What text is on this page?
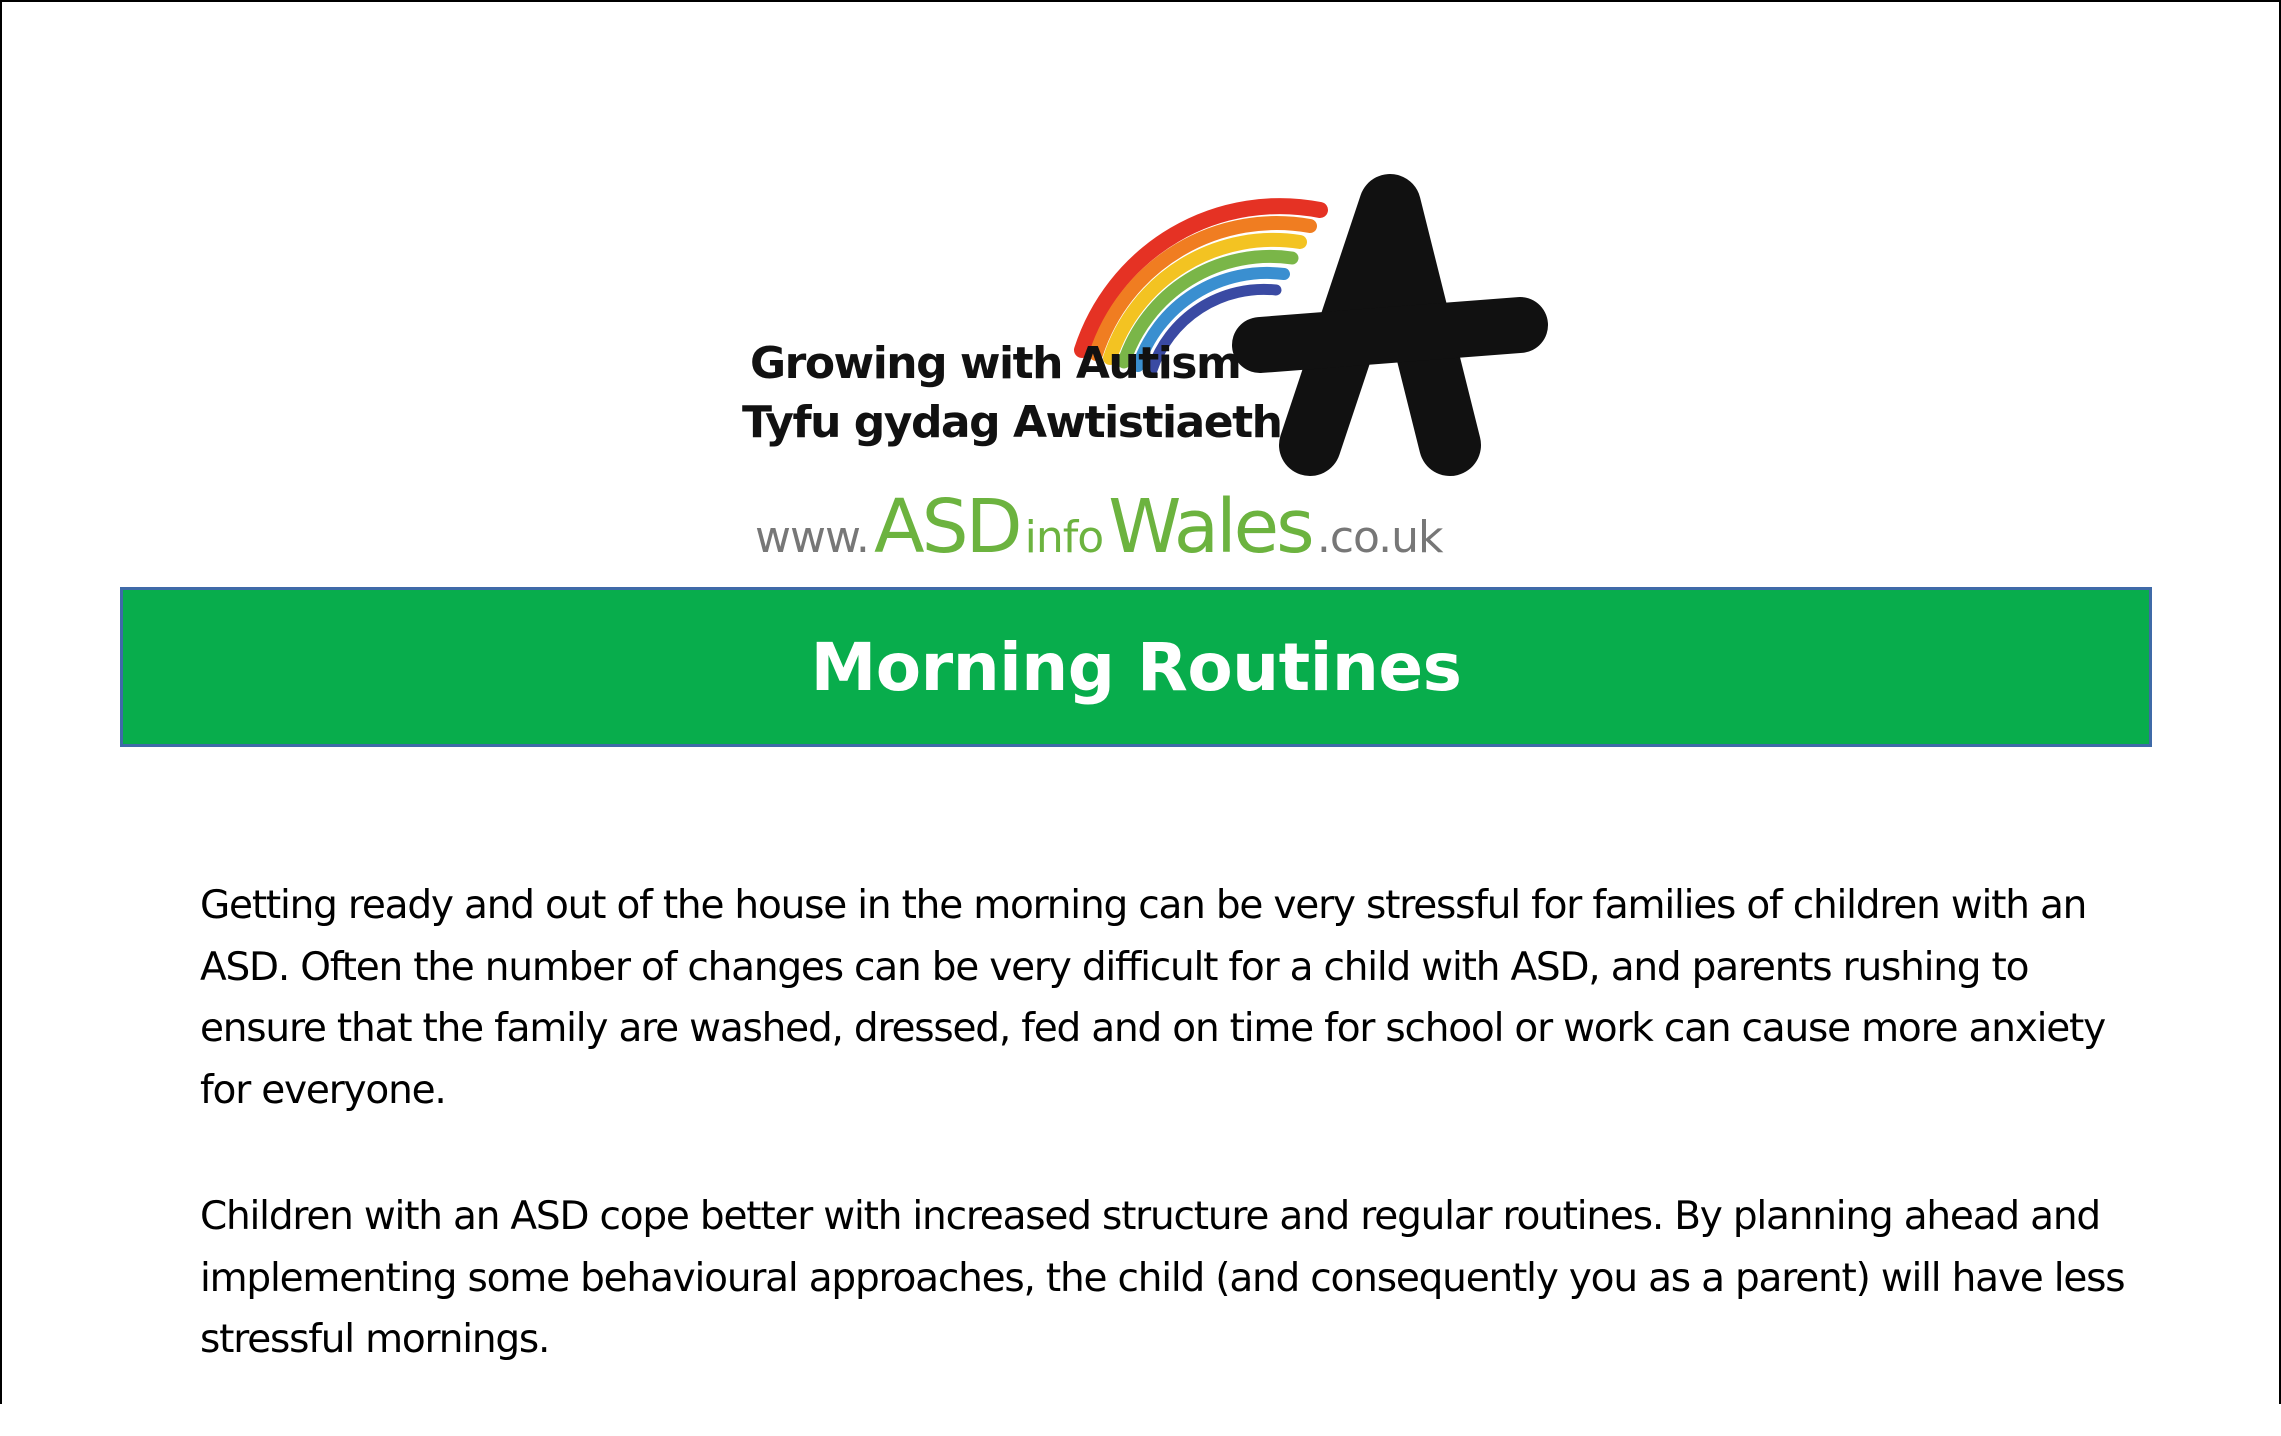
Growing with Autism
Tyfu gydag Awtistiaeth
www. ASD info Wales .co.uk
Morning Routines

Getting ready and out of the house in the morning can be very stressful for families of children with an ASD. Often the number of changes can be very difficult for a child with ASD, and parents rushing to ensure that the family are washed, dressed, fed and on time for school or work can cause more anxiety for everyone.

Children with an ASD cope better with increased structure and regular routines. By planning ahead and implementing some behavioural approaches, the child (and consequently you as a parent) will have less stressful mornings.
